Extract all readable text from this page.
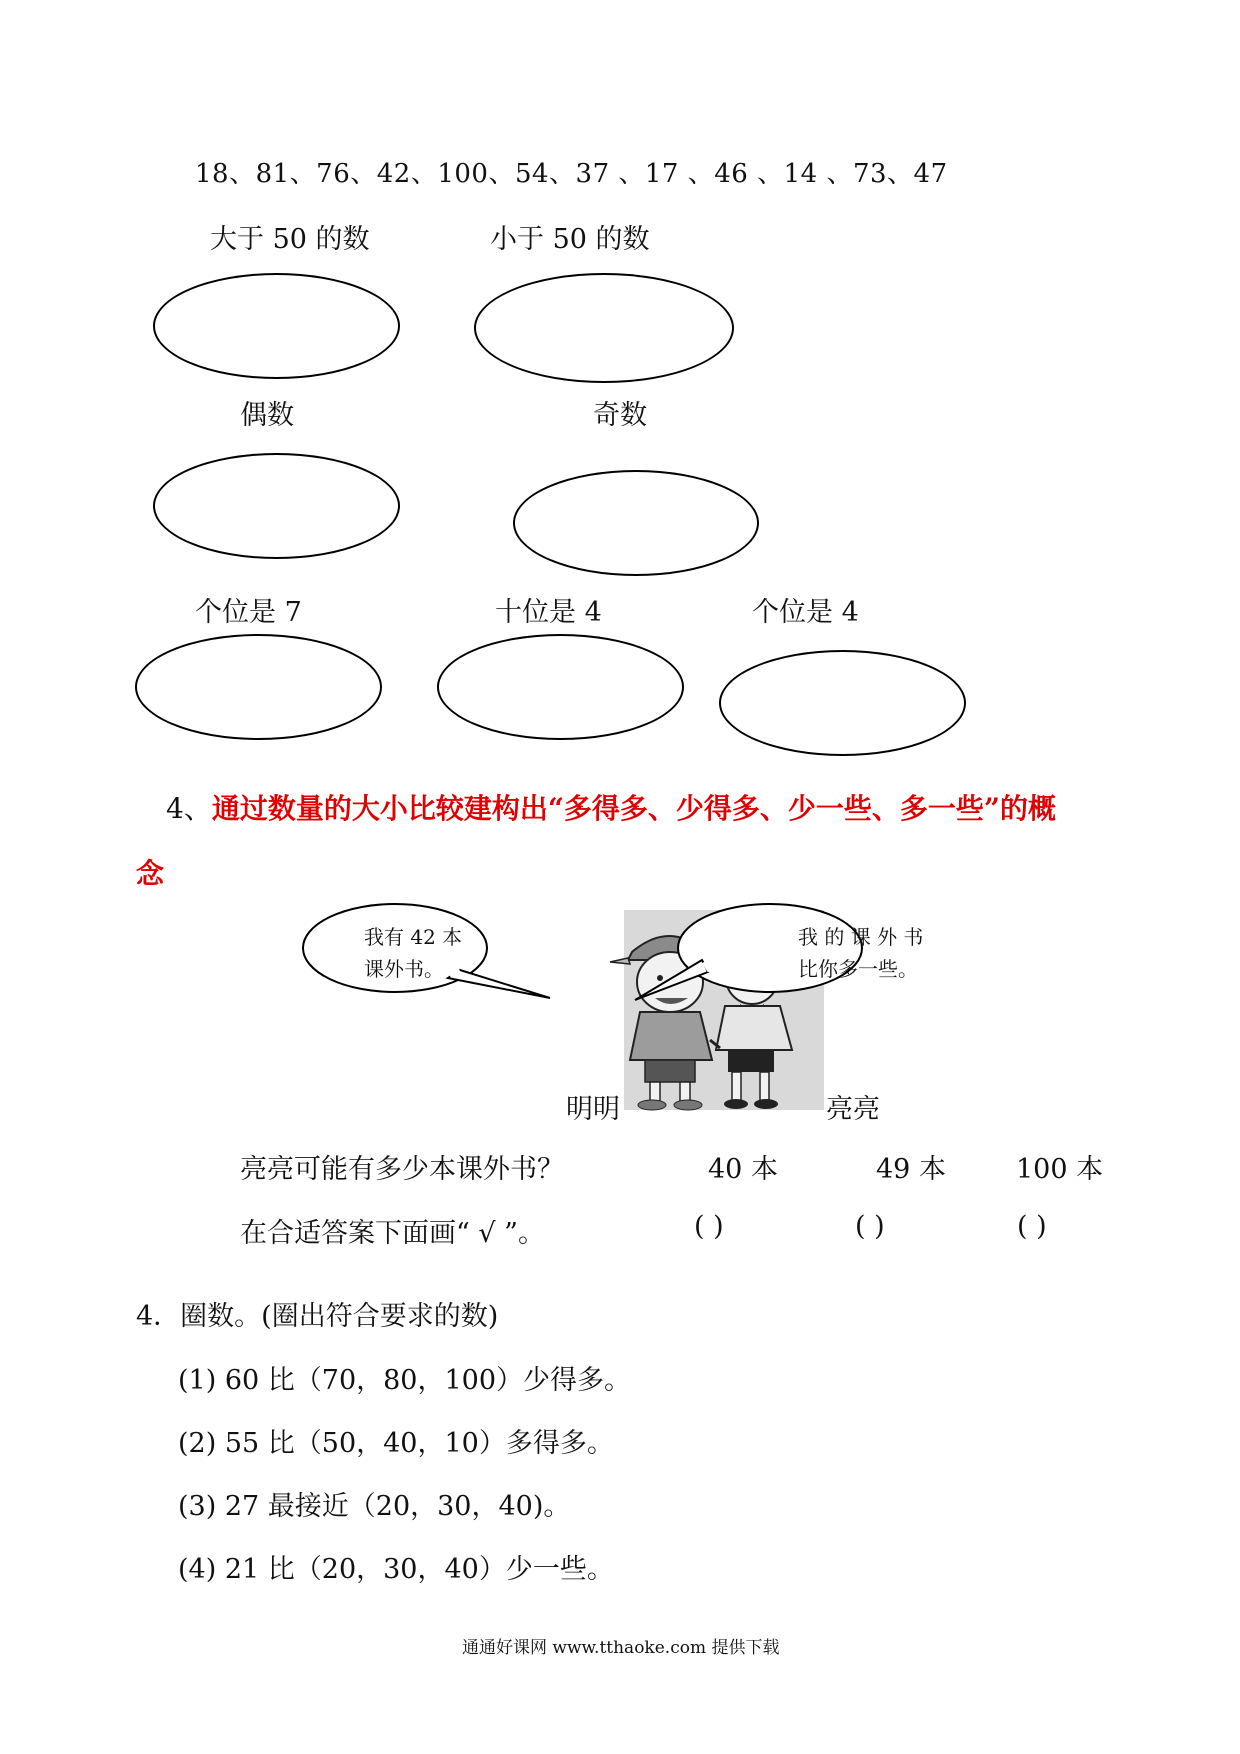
18、81、76、42、100、54、37 、17 、46 、14 、73、47
大于 50 的数	小于 50 的数
偶数	奇数
个位是 7	十位是 4	个位是 4
4、通过数量的大小比较建构出“多得多、少得多、少一些、多一些”的概
念
我有 42 本
课外书。
我 的 课 外 书
比你多一些。
明明	亮亮
亮亮可能有多少本课外书？	40 本	49 本	100 本
在合适答案下面画“ √ ”。	( )	( )	( )
4．圈数。(圈出符合要求的数)
(1) 60 比（70，80，100）少得多。
(2) 55 比（50，40，10）多得多。
(3) 27 最接近（20，30，40)。
(4) 21 比（20，30，40）少一些。
通通好课网 www.tthaoke.com 提供下载
